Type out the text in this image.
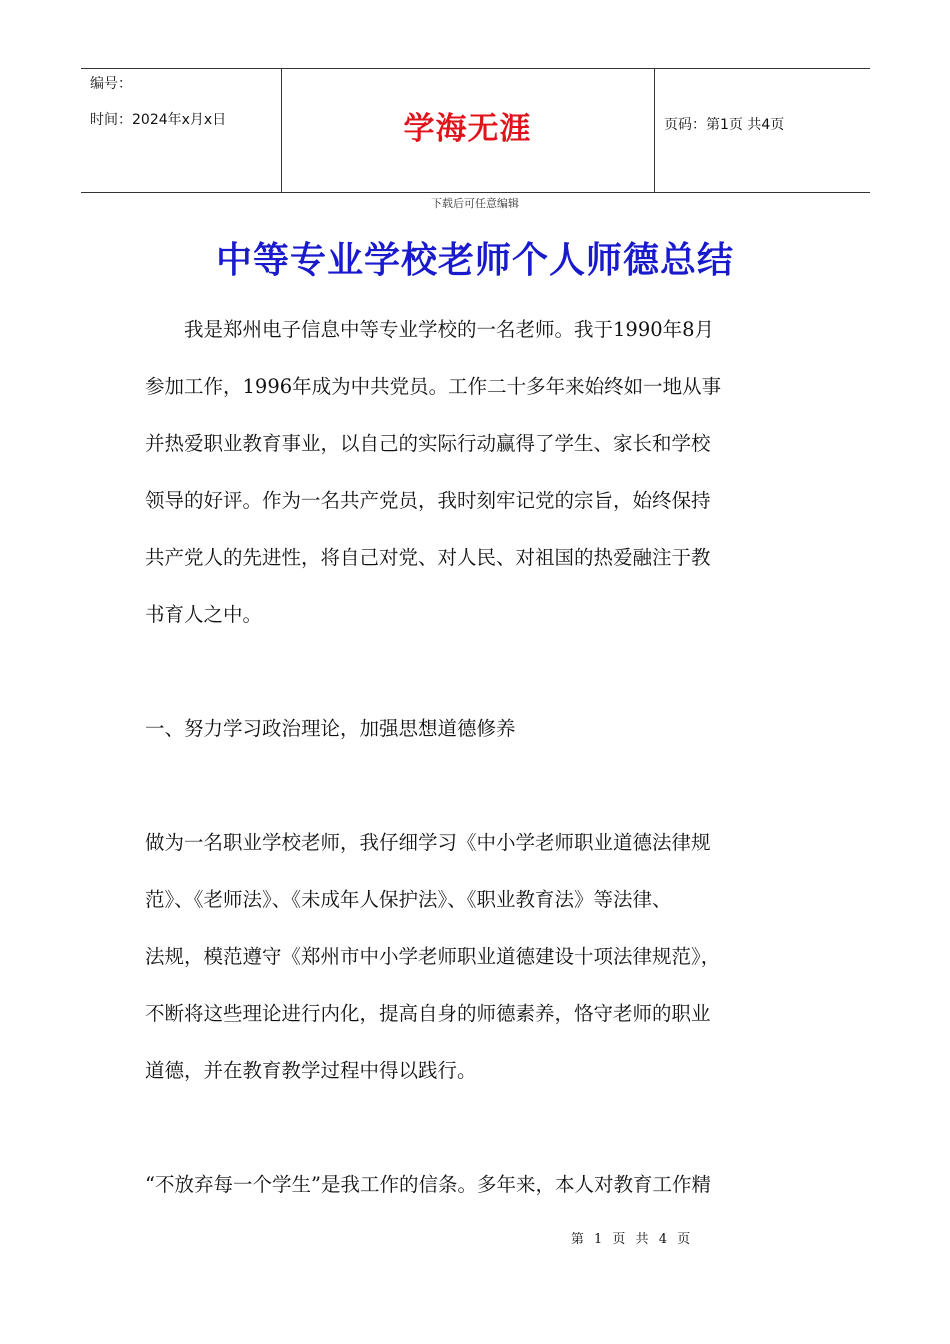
编号：
时间：2024年x月x日	学海无涯	页码：第1页 共4页
下载后可任意编辑
中等专业学校老师个人师德总结
　　我是郑州电子信息中等专业学校的一名老师。我于1990年8月
参加工作，1996年成为中共党员。工作二十多年来始终如一地从事
并热爱职业教育事业，以自己的实际行动赢得了学生、家长和学校
领导的好评。作为一名共产党员，我时刻牢记党的宗旨，始终保持
共产党人的先进性，将自己对党、对人民、对祖国的热爱融注于教
书育人之中。
一、努力学习政治理论，加强思想道德修养
做为一名职业学校老师，我仔细学习《中小学老师职业道德法律规
范》、《老师法》、《未成年人保护法》、《职业教育法》等法律、
法规，模范遵守《郑州市中小学老师职业道德建设十项法律规范》，
不断将这些理论进行内化，提高自身的师德素养，恪守老师的职业
道德，并在教育教学过程中得以践行。
“不放弃每一个学生”是我工作的信条。多年来，本人对教育工作精
第 1 页 共 4 页
